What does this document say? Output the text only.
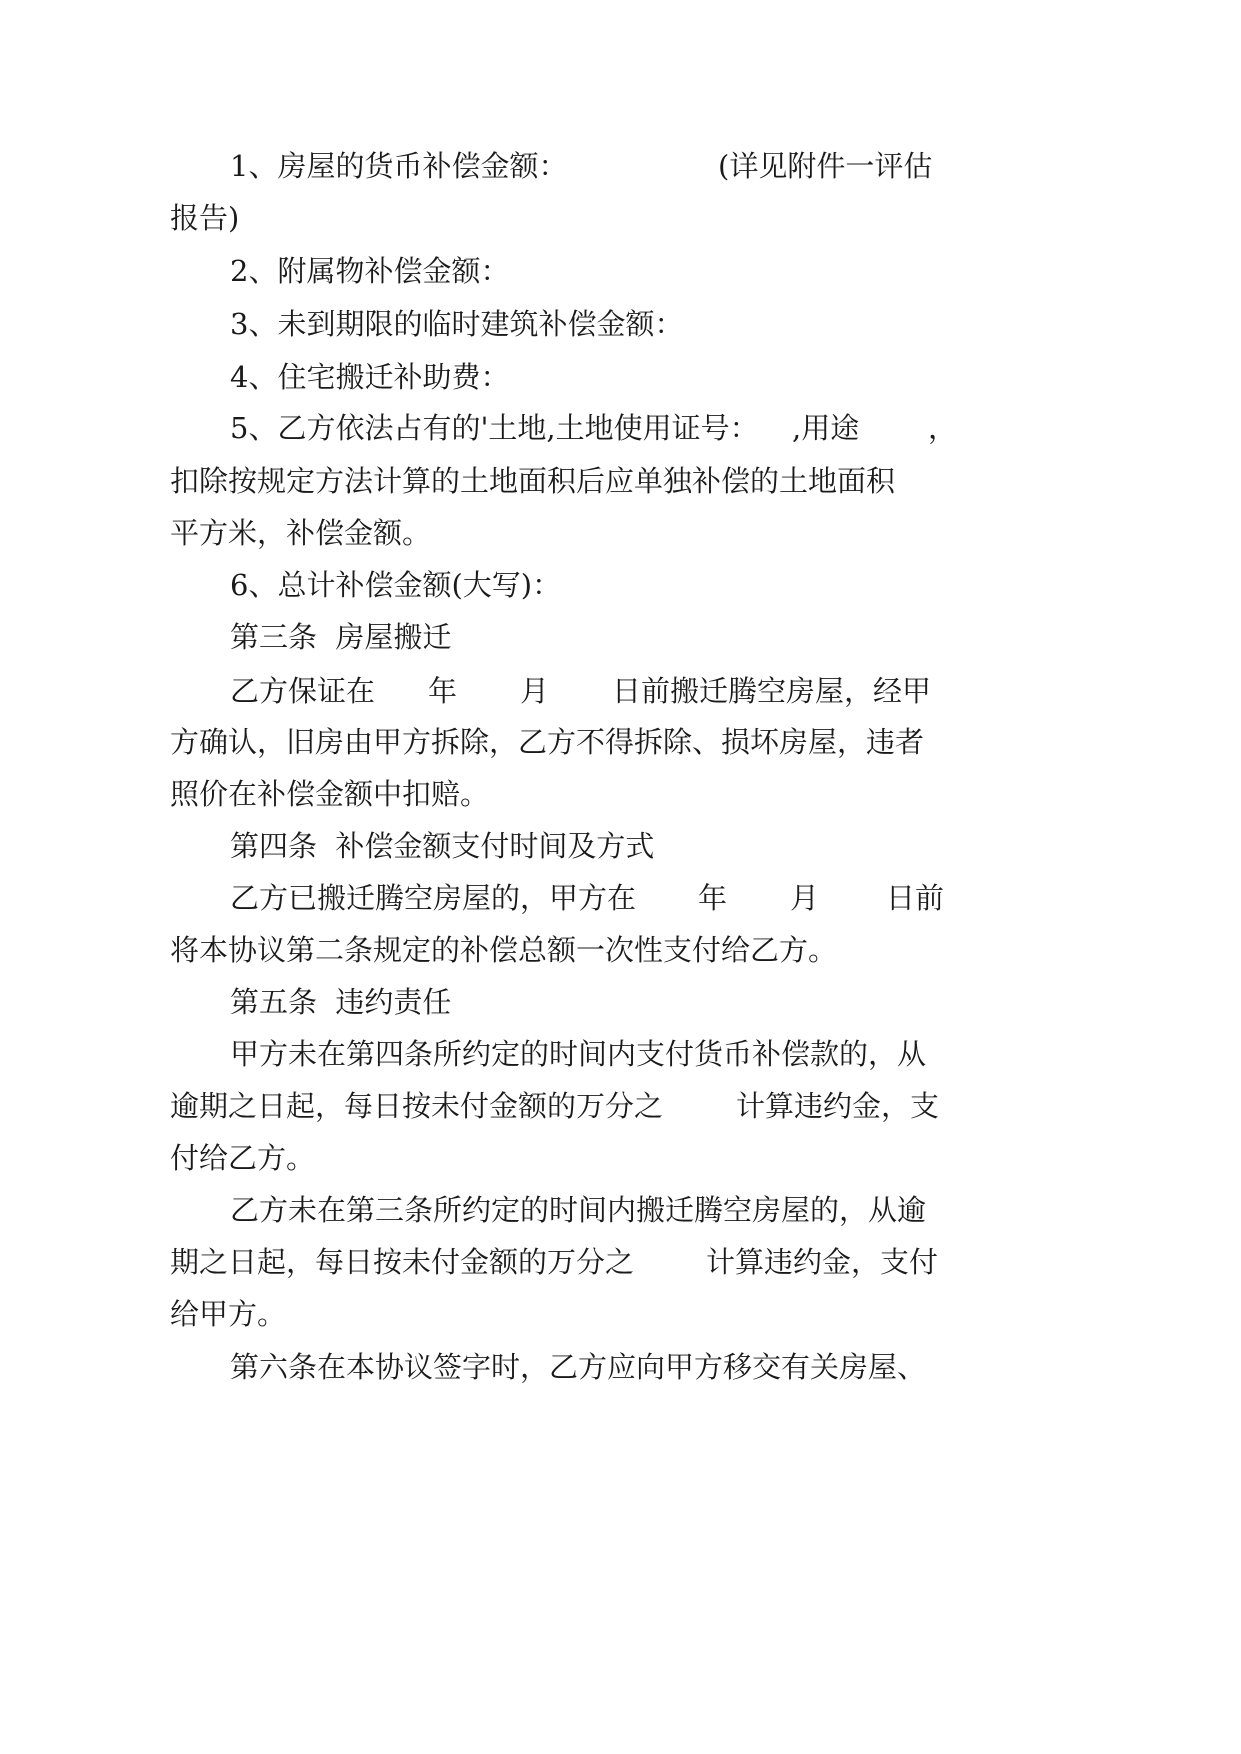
1、房屋的货币补偿金额：

	(详见附件一评估

报告)

2、附属物补偿金额：

3、未到期限的临时建筑补偿金额：

4、住宅搬迁补助费：

5、乙方依法占有的'土地,土地使用证号：

,用途

，

扣除按规定方法计算的土地面积后应单独补偿的土地面积

平方米，补偿金额。

6、总计补偿金额(大写)：

第三条  房屋搬迁

乙方保证在

年

月

日前搬迁腾空房屋，经甲

方确认，旧房由甲方拆除，乙方不得拆除、损坏房屋，违者

照价在补偿金额中扣赔。

第四条  补偿金额支付时间及方式

乙方已搬迁腾空房屋的，甲方在

年

月

日前

将本协议第二条规定的补偿总额一次性支付给乙方。

第五条  违约责任

甲方未在第四条所约定的时间内支付货币补偿款的，从

逾期之日起，每日按未付金额的万分之

	计算违约金，支

付给乙方。

乙方未在第三条所约定的时间内搬迁腾空房屋的，从逾

期之日起，每日按未付金额的万分之

计算违约金，支付

给甲方。

第六条在本协议签字时，乙方应向甲方移交有关房屋、
